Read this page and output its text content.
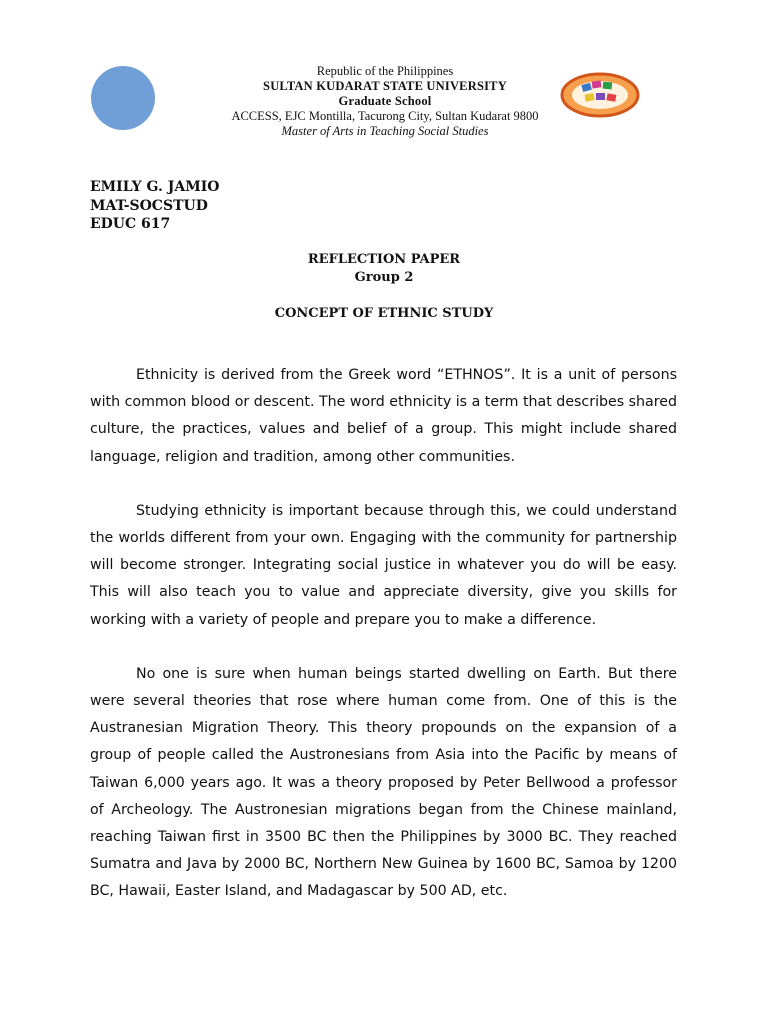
Republic of the Philippines
SULTAN KUDARAT STATE UNIVERSITY
Graduate School
ACCESS, EJC Montilla, Tacurong City, Sultan Kudarat 9800
Master of Arts in Teaching Social Studies
EMILY G. JAMIO
MAT-SOCSTUD
EDUC 617
REFLECTION PAPER
Group 2
CONCEPT OF ETHNIC STUDY

Ethnicity is derived from the Greek word “ETHNOS”. It is a unit of persons with common blood or descent. The word ethnicity is a term that describes shared culture, the practices, values and belief of a group. This might include shared language, religion and tradition, among other communities.

Studying ethnicity is important because through this, we could understand the worlds different from your own. Engaging with the community for partnership will become stronger. Integrating social justice in whatever you do will be easy. This will also teach you to value and appreciate diversity, give you skills for working with a variety of people and prepare you to make a difference.

No one is sure when human beings started dwelling on Earth. But there were several theories that rose where human come from. One of this is the Austranesian Migration Theory. This theory propounds on the expansion of a group of people called the Austronesians from Asia into the Pacific by means of Taiwan 6,000 years ago. It was a theory proposed by Peter Bellwood a professor of Archeology. The Austronesian migrations began from the Chinese mainland, reaching Taiwan first in 3500 BC then the Philippines by 3000 BC. They reached Sumatra and Java by 2000 BC, Northern New Guinea by 1600 BC, Samoa by 1200 BC, Hawaii, Easter Island, and Madagascar by 500 AD, etc.
